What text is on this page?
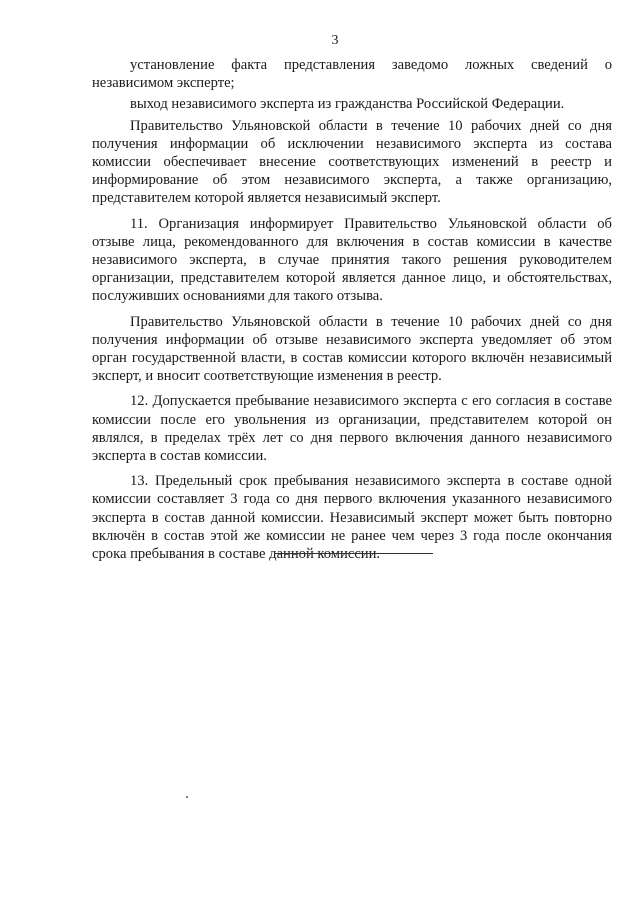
3

установление факта представления заведомо ложных сведений о независимом эксперте;

выход независимого эксперта из гражданства Российской Федерации.

Правительство Ульяновской области в течение 10 рабочих дней со дня получения информации об исключении независимого эксперта из состава комиссии обеспечивает внесение соответствующих изменений в реестр и информирование об этом независимого эксперта, а также организацию, представителем которой является независимый эксперт.

11. Организация информирует Правительство Ульяновской области об отзыве лица, рекомендованного для включения в состав комиссии в качестве независимого эксперта, в случае принятия такого решения руководителем организации, представителем которой является данное лицо, и обстоятельствах, послуживших основаниями для такого отзыва.

Правительство Ульяновской области в течение 10 рабочих дней со дня получения информации об отзыве независимого эксперта уведомляет об этом орган государственной власти, в состав комиссии которого включён независимый эксперт, и вносит соответствующие изменения в реестр.

12. Допускается пребывание независимого эксперта с его согласия в составе комиссии после его увольнения из организации, представителем которой он являлся, в пределах трёх лет со дня первого включения данного независимого эксперта в состав комиссии.

13. Предельный срок пребывания независимого эксперта в составе одной комиссии составляет 3 года со дня первого включения указанного независимого эксперта в состав данной комиссии. Независимый эксперт может быть повторно включён в состав этой же комиссии не ранее чем через 3 года после окончания срока пребывания в составе данной комиссии.
